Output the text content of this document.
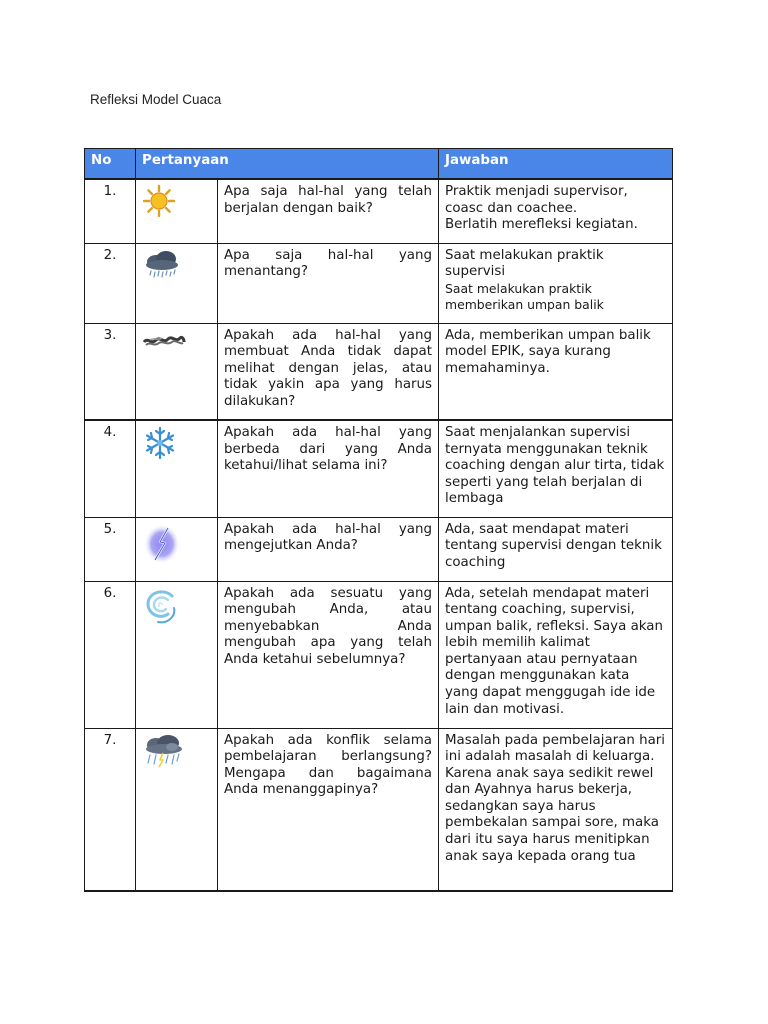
Refleksi Model Cuaca
No	Pertanyaan		Jawaban
1.		Apa saja hal-hal yang telah berjalan dengan baik?	Praktik menjadi supervisor,
coasc dan coachee.
Berlatih merefleksi kegiatan.

2.		Apa saja hal-hal yang menantang?	Saat melakukan praktik
supervisi
Saat melakukan praktik
memberikan umpan balik

3.		Apakah ada hal-hal yang membuat Anda tidak dapat melihat dengan jelas, atau tidak yakin apa yang harus dilakukan?	Ada, memberikan umpan balik model EPIK, saya kurang memahaminya.
4.		Apakah ada hal-hal yang berbeda dari yang Anda ketahui/lihat selama ini?	Saat menjalankan supervisi ternyata menggunakan teknik coaching dengan alur tirta, tidak seperti yang telah berjalan di lembaga
5.		Apakah ada hal-hal yang mengejutkan Anda?	Ada, saat mendapat materi tentang supervisi dengan teknik coaching
6.		Apakah ada sesuatu yang mengubah Anda, atau menyebabkan Anda mengubah apa yang telah Anda ketahui sebelumnya?	Ada, setelah mendapat materi tentang coaching, supervisi, umpan balik, refleksi. Saya akan lebih memilih kalimat pertanyaan atau pernyataan dengan menggunakan kata yang dapat menggugah ide ide lain dan motivasi.
7.		Apakah ada konflik selama pembelajaran berlangsung? Mengapa dan bagaimana Anda menanggapinya?	Masalah pada pembelajaran hari ini adalah masalah di keluarga. Karena anak saya sedikit rewel dan Ayahnya harus bekerja, sedangkan saya harus pembekalan sampai sore, maka dari itu saya harus menitipkan anak saya kepada orang tua
